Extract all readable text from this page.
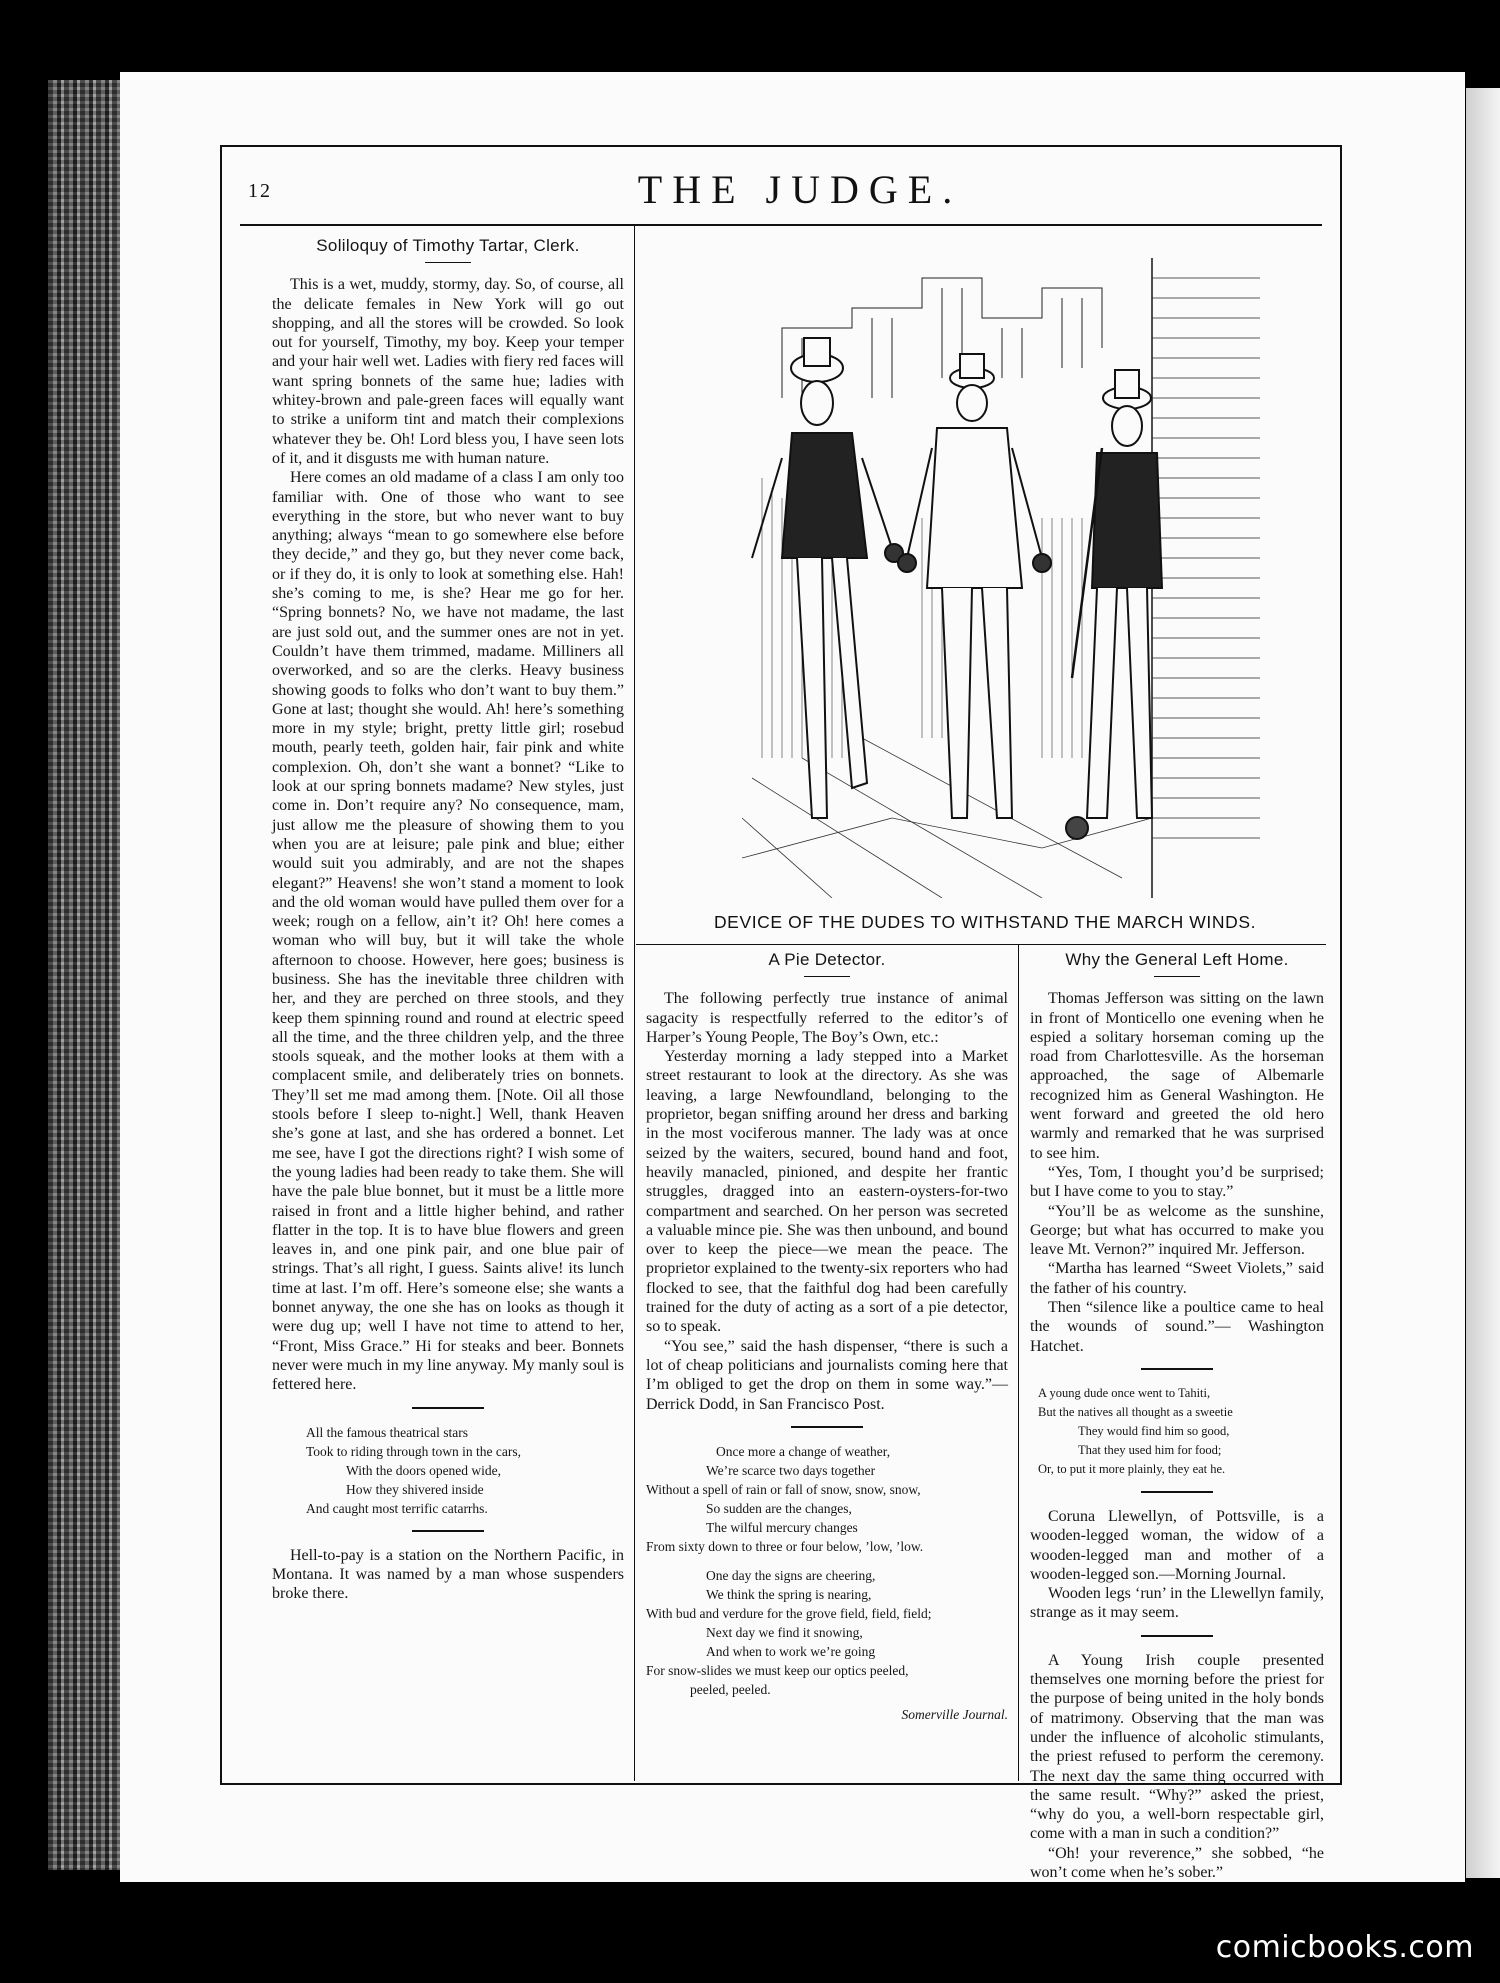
12	THE JUDGE.
Soliloquy of Timothy Tartar, Clerk.

This is a wet, muddy, stormy, day. So, of course, all the delicate females in New York will go out shopping, and all the stores will be crowded. So look out for yourself, Timothy, my boy. Keep your temper and your hair well wet. Ladies with fiery red faces will want spring bonnets of the same hue; ladies with whitey-brown and pale-green faces will equally want to strike a uniform tint and match their complexions whatever they be. Oh! Lord bless you, I have seen lots of it, and it disgusts me with human nature.

Here comes an old madame of a class I am only too familiar with. One of those who want to see everything in the store, but who never want to buy anything; always “mean to go somewhere else before they decide,” and they go, but they never come back, or if they do, it is only to look at something else. Hah! she’s coming to me, is she? Hear me go for her. “Spring bonnets? No, we have not madame, the last are just sold out, and the summer ones are not in yet. Couldn’t have them trimmed, madame. Milliners all overworked, and so are the clerks. Heavy business showing goods to folks who don’t want to buy them.” Gone at last; thought she would. Ah! here’s something more in my style; bright, pretty little girl; rosebud mouth, pearly teeth, golden hair, fair pink and white complexion. Oh, don’t she want a bonnet? “Like to look at our spring bonnets madame? New styles, just come in. Don’t require any? No consequence, mam, just allow me the pleasure of showing them to you when you are at leisure; pale pink and blue; either would suit you admirably, and are not the shapes elegant?” Heavens! she won’t stand a moment to look and the old woman would have pulled them over for a week; rough on a fellow, ain’t it? Oh! here comes a woman who will buy, but it will take the whole afternoon to choose. However, here goes; business is business. She has the inevitable three children with her, and they are perched on three stools, and they keep them spinning round and round at electric speed all the time, and the three children yelp, and the three stools squeak, and the mother looks at them with a complacent smile, and deliberately tries on bonnets. They’ll set me mad among them. [Note. Oil all those stools before I sleep to-night.] Well, thank Heaven she’s gone at last, and she has ordered a bonnet. Let me see, have I got the directions right? I wish some of the young ladies had been ready to take them. She will have the pale blue bonnet, but it must be a little more raised in front and a little higher behind, and rather flatter in the top. It is to have blue flowers and green leaves in, and one pink pair, and one blue pair of strings. That’s all right, I guess. Saints alive! its lunch time at last. I’m off. Here’s someone else; she wants a bonnet anyway, the one she has on looks as though it were dug up; well I have not time to attend to her, “Front, Miss Grace.” Hi for steaks and beer. Bonnets never were much in my line anyway. My manly soul is fettered here.

All the famous theatrical stars
Took to riding through town in the cars,
With the doors opened wide,
How they shivered inside
And caught most terrific catarrhs.

Hell-to-pay is a station on the Northern Pacific, in Montana. It was named by a man whose suspenders broke there.

DEVICE OF THE DUDES TO WITHSTAND THE MARCH WINDS.
A Pie Detector.

The following perfectly true instance of animal sagacity is respectfully referred to the editor’s of Harper’s Young People, The Boy’s Own, etc.:

Yesterday morning a lady stepped into a Market street restaurant to look at the directory. As she was leaving, a large Newfoundland, belonging to the proprietor, began sniffing around her dress and barking in the most vociferous manner. The lady was at once seized by the waiters, secured, bound hand and foot, heavily manacled, pinioned, and despite her frantic struggles, dragged into an eastern-oysters-for-two compartment and searched. On her person was secreted a valuable mince pie. She was then unbound, and bound over to keep the piece—we mean the peace. The proprietor explained to the twenty-six reporters who had flocked to see, that the faithful dog had been carefully trained for the duty of acting as a sort of a pie detector, so to speak.

“You see,” said the hash dispenser, “there is such a lot of cheap politicians and journalists coming here that I’m obliged to get the drop on them in some way.”—Derrick Dodd, in San Francisco Post.

Once more a change of weather,
We’re scarce two days together
Without a spell of rain or fall of snow, snow, snow,
So sudden are the changes,
The wilful mercury changes
From sixty down to three or four below, ’low, ’low.
One day the signs are cheering,
We think the spring is nearing,
With bud and verdure for the grove field, field, field;
Next day we find it snowing,
And when to work we’re going
For snow-slides we must keep our optics peeled,
peeled, peeled.
Somerville Journal.
Why the General Left Home.

Thomas Jefferson was sitting on the lawn in front of Monticello one evening when he espied a solitary horseman coming up the road from Charlottesville. As the horseman approached, the sage of Albemarle recognized him as General Washington. He went forward and greeted the old hero warmly and remarked that he was surprised to see him.

“Yes, Tom, I thought you’d be surprised; but I have come to you to stay.”

“You’ll be as welcome as the sunshine, George; but what has occurred to make you leave Mt. Vernon?” inquired Mr. Jefferson.

“Martha has learned “Sweet Violets,” said the father of his country.

Then “silence like a poultice came to heal the wounds of sound.”— Washington Hatchet.

A young dude once went to Tahiti,
But the natives all thought as a sweetie
They would find him so good,
That they used him for food;
Or, to put it more plainly, they eat he.

Coruna Llewellyn, of Pottsville, is a wooden-legged woman, the widow of a wooden-legged man and mother of a wooden-legged son.—Morning Journal.

Wooden legs ‘run’ in the Llewellyn family, strange as it may seem.

A Young Irish couple presented themselves one morning before the priest for the purpose of being united in the holy bonds of matrimony. Observing that the man was under the influence of alcoholic stimulants, the priest refused to perform the ceremony. The next day the same thing occurred with the same result. “Why?” asked the priest, “why do you, a well-born respectable girl, come with a man in such a condition?”

“Oh! your reverence,” she sobbed, “he won’t come when he’s sober.”

comicbooks.com
